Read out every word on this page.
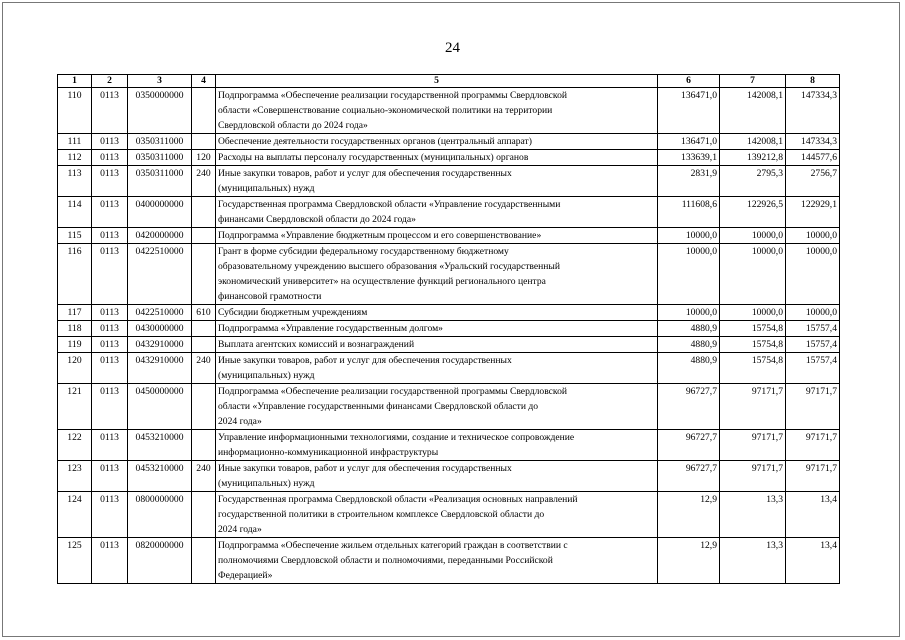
24
1	2	3	4	5	6	7	8
110	0113	0350000000		Подпрограмма «Обеспечение реализации государственной программы Свердловской
области «Совершенствование социально-экономической политики на территории
Свердловской области до 2024 года»	136471,0	142008,1	147334,3
111	0113	0350311000		Обеспечение деятельности государственных органов (центральный аппарат)	136471,0	142008,1	147334,3
112	0113	0350311000	120	Расходы на выплаты персоналу государственных (муниципальных) органов	133639,1	139212,8	144577,6
113	0113	0350311000	240	Иные закупки товаров, работ и услуг для обеспечения государственных
(муниципальных) нужд	2831,9	2795,3	2756,7
114	0113	0400000000		Государственная программа Свердловской области «Управление государственными
финансами Свердловской области до 2024 года»	111608,6	122926,5	122929,1
115	0113	0420000000		Подпрограмма «Управление бюджетным процессом и его совершенствование»	10000,0	10000,0	10000,0
116	0113	0422510000		Грант в форме субсидии федеральному государственному бюджетному
образовательному учреждению высшего образования «Уральский государственный
экономический университет» на осуществление функций регионального центра
финансовой грамотности	10000,0	10000,0	10000,0
117	0113	0422510000	610	Субсидии бюджетным учреждениям	10000,0	10000,0	10000,0
118	0113	0430000000		Подпрограмма «Управление государственным долгом»	4880,9	15754,8	15757,4
119	0113	0432910000		Выплата агентских комиссий и вознаграждений	4880,9	15754,8	15757,4
120	0113	0432910000	240	Иные закупки товаров, работ и услуг для обеспечения государственных
(муниципальных) нужд	4880,9	15754,8	15757,4
121	0113	0450000000		Подпрограмма «Обеспечение реализации государственной программы Свердловской
области «Управление государственными финансами Свердловской области до
2024 года»	96727,7	97171,7	97171,7
122	0113	0453210000		Управление информационными технологиями, создание и техническое сопровождение
информационно-коммуникационной инфраструктуры	96727,7	97171,7	97171,7
123	0113	0453210000	240	Иные закупки товаров, работ и услуг для обеспечения государственных
(муниципальных) нужд	96727,7	97171,7	97171,7
124	0113	0800000000		Государственная программа Свердловской области «Реализация основных направлений
государственной политики в строительном комплексе Свердловской области до
2024 года»	12,9	13,3	13,4
125	0113	0820000000		Подпрограмма «Обеспечение жильем отдельных категорий граждан в соответствии с
полномочиями Свердловской области и полномочиями, переданными Российской
Федерацией»	12,9	13,3	13,4
